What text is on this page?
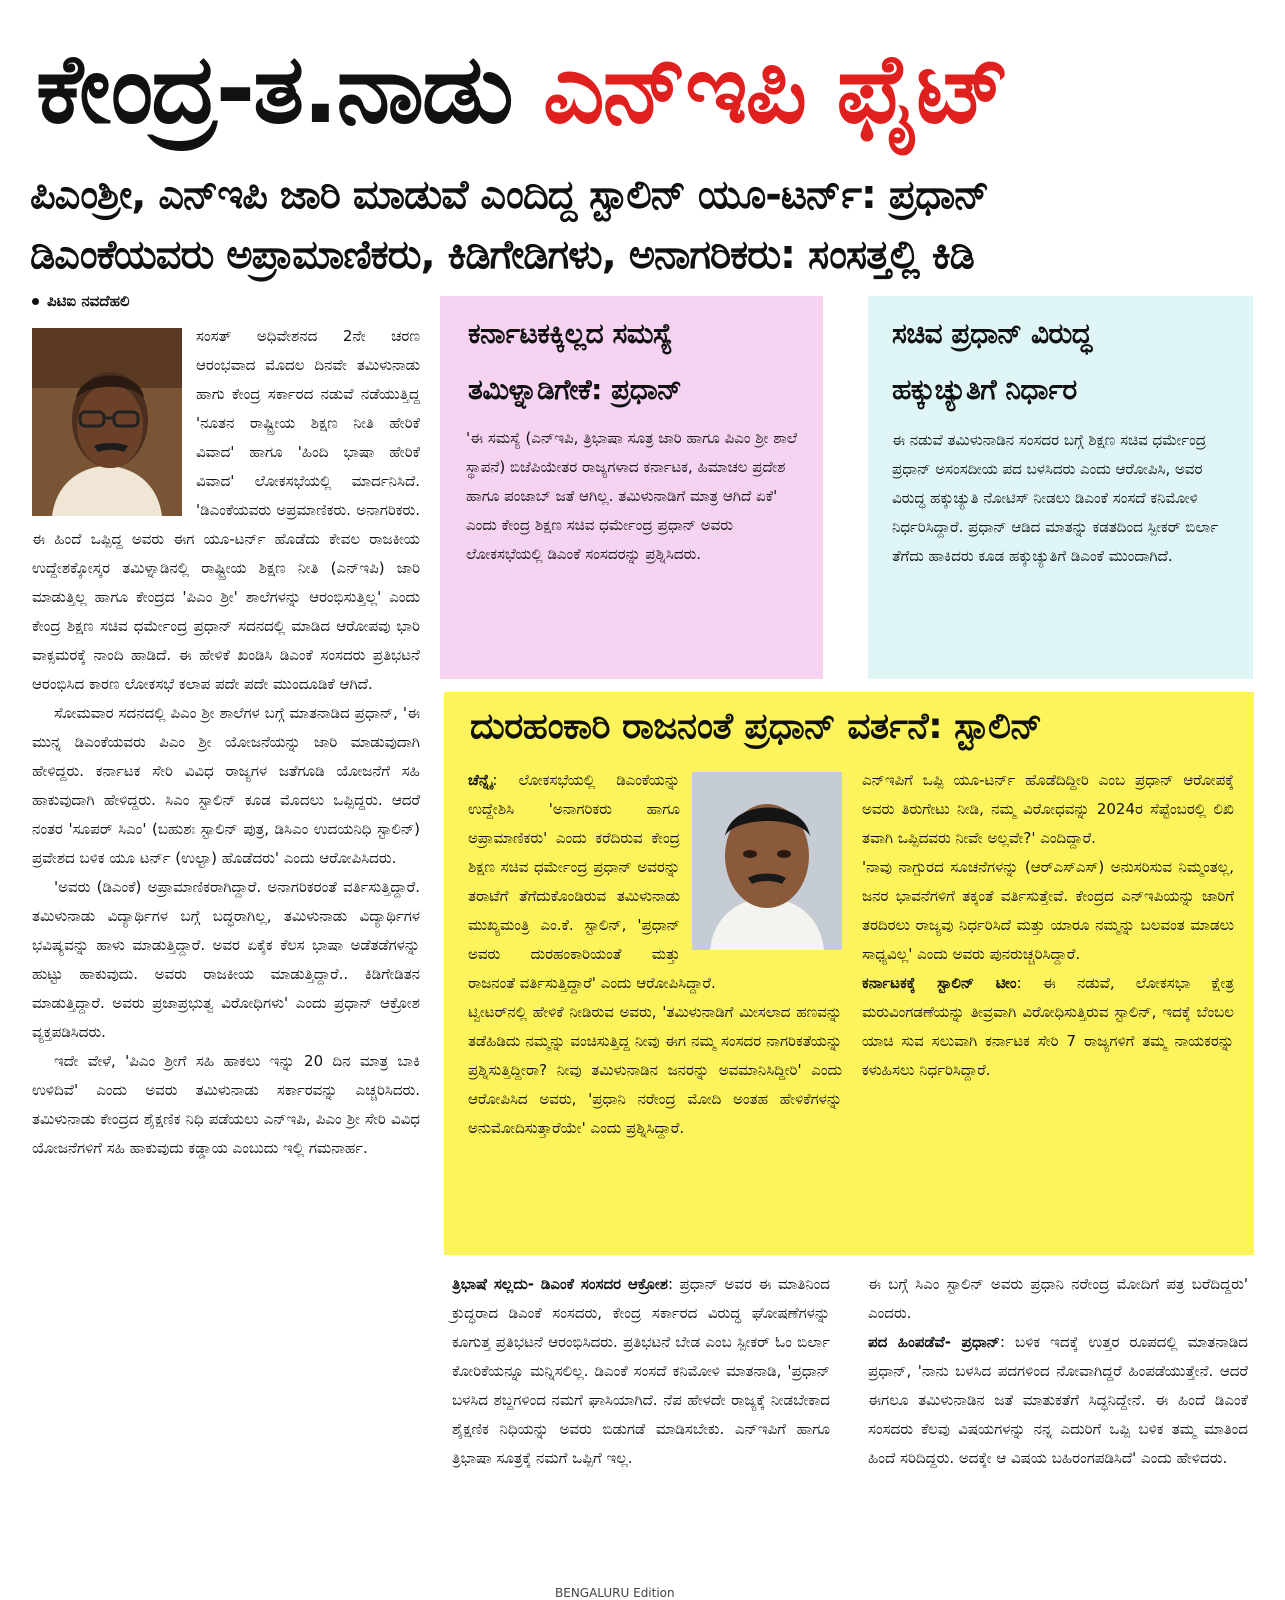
ಕೇಂದ್ರ-ತ.ನಾಡು ಎನ್‌ಇಪಿ ಫೈಟ್
ಪಿಎಂಶ್ರೀ, ಎನ್‌ಇಪಿ ಜಾರಿ ಮಾಡುವೆ ಎಂದಿದ್ದ ಸ್ಟಾಲಿನ್ ಯೂ-ಟರ್ನ್: ಪ್ರಧಾನ್
ಡಿಎಂಕೆಯವರು ಅಪ್ರಾಮಾಣಿಕರು, ಕಿಡಿಗೇಡಿಗಳು, ಅನಾಗರಿಕರು: ಸಂಸತ್ತಲ್ಲಿ ಕಿಡಿ
ಪಿಟಿಐ ನವದೆಹಲಿ

ಸಂಸತ್ ಅಧಿವೇಶನದ 2ನೇ ಚರಣ ಆರಂಭವಾದ ಮೊದಲ ದಿನವೇ ತಮಿಳುನಾಡು ಹಾಗು ಕೇಂದ್ರ ಸರ್ಕಾರದ ನಡುವೆ ನಡೆಯುತ್ತಿದ್ದ 'ನೂತನ ರಾಷ್ಟ್ರೀಯ ಶಿಕ್ಷಣ ನೀತಿ ಹೇರಿಕೆ ವಿವಾದ' ಹಾಗೂ 'ಹಿಂದಿ ಭಾಷಾ ಹೇರಿಕೆ ವಿವಾದ' ಲೋಕಸಭೆಯಲ್ಲಿ ಮಾರ್ದನಿಸಿದೆ. 'ಡಿಎಂಕೆಯವರು ಅಪ್ರಮಾಣಿಕರು. ಅನಾಗರಿಕರು. ಈ ಹಿಂದೆ ಒಪ್ಪಿದ್ದ ಅವರು ಈಗ ಯೂ-ಟರ್ನ್ ಹೊಡೆದು ಕೇವಲ ರಾಜಕೀಯ ಉದ್ದೇಶಕ್ಕೋಸ್ಕರ ತಮಿಳ್ನಾಡಿನಲ್ಲಿ ರಾಷ್ಟ್ರೀಯ ಶಿಕ್ಷಣ ನೀತಿ (ಎನ್‌ಇಪಿ) ಜಾರಿ ಮಾಡುತ್ತಿಲ್ಲ ಹಾಗೂ ಕೇಂದ್ರದ 'ಪಿಎಂ ಶ್ರೀ' ಶಾಲೆಗಳನ್ನು ಆರಂಭಿಸುತ್ತಿಲ್ಲ' ಎಂದು ಕೇಂದ್ರ ಶಿಕ್ಷಣ ಸಚಿವ ಧರ್ಮೇಂದ್ರ ಪ್ರಧಾನ್ ಸದನದಲ್ಲಿ ಮಾಡಿದ ಆರೋಪವು ಭಾರಿ ವಾಕ್ಸಮರಕ್ಕೆ ನಾಂದಿ ಹಾಡಿದೆ. ಈ ಹೇಳಿಕೆ ಖಂಡಿಸಿ ಡಿಎಂಕೆ ಸಂಸದರು ಪ್ರತಿಭಟನೆ ಆರಂಭಿಸಿದ ಕಾರಣ ಲೋಕಸಭೆ ಕಲಾಪ ಪದೇ ಪದೇ ಮುಂದೂಡಿಕೆ ಆಗಿದೆ.

ಸೋಮವಾರ ಸದನದಲ್ಲಿ ಪಿಎಂ ಶ್ರೀ ಶಾಲೆಗಳ ಬಗ್ಗೆ ಮಾತನಾಡಿದ ಪ್ರಧಾನ್, 'ಈ ಮುನ್ನ ಡಿಎಂಕೆಯವರು ಪಿಎಂ ಶ್ರೀ ಯೋಜನೆಯನ್ನು ಜಾರಿ ಮಾಡುವುದಾಗಿ ಹೇಳಿದ್ದರು. ಕರ್ನಾಟಕ ಸೇರಿ ವಿವಿಧ ರಾಜ್ಯಗಳ ಜತೆಗೂಡಿ ಯೋಜನೆಗೆ ಸಹಿ ಹಾಕುವುದಾಗಿ ಹೇಳಿದ್ದರು. ಸಿಎಂ ಸ್ಟಾಲಿನ್ ಕೂಡ ಮೊದಲು ಒಪ್ಪಿದ್ದರು. ಆದರೆ ನಂತರ 'ಸೂಪರ್ ಸಿಎಂ' (ಬಹುಶಃ ಸ್ಟಾಲಿನ್ ಪುತ್ರ, ಡಿಸಿಎಂ ಉದಯನಿಧಿ ಸ್ಟಾಲಿನ್) ಪ್ರವೇಶದ ಬಳಿಕ ಯೂ ಟರ್ನ್ (ಉಲ್ಟಾ) ಹೊಡೆದರು' ಎಂದು ಆರೋಪಿಸಿದರು.

'ಅವರು (ಡಿಎಂಕೆ) ಅಪ್ರಾಮಾಣಿಕರಾಗಿದ್ದಾರೆ. ಅನಾಗರಿಕರಂತೆ ವರ್ತಿಸುತ್ತಿದ್ದಾರೆ. ತಮಿಳುನಾಡು ವಿದ್ಯಾರ್ಥಿಗಳ ಬಗ್ಗೆ ಬದ್ಧರಾಗಿಲ್ಲ, ತಮಿಳುನಾಡು ವಿದ್ಯಾರ್ಥಿಗಳ ಭವಿಷ್ಯವನ್ನು ಹಾಳು ಮಾಡುತ್ತಿದ್ದಾರೆ. ಅವರ ಏಕೈಕ ಕೆಲಸ ಭಾಷಾ ಅಡೆತಡೆಗಳನ್ನು ಹುಟ್ಟು ಹಾಕುವುದು. ಅವರು ರಾಜಕೀಯ ಮಾಡುತ್ತಿದ್ದಾರೆ.. ಕಿಡಿಗೇಡಿತನ ಮಾಡುತ್ತಿದ್ದಾರೆ. ಅವರು ಪ್ರಜಾಪ್ರಭುತ್ವ ವಿರೋಧಿಗಳು' ಎಂದು ಪ್ರಧಾನ್ ಆಕ್ರೋಶ ವ್ಯಕ್ತಪಡಿಸಿದರು.

ಇದೇ ವೇಳೆ, 'ಪಿಎಂ ಶ್ರೀಗೆ ಸಹಿ ಹಾಕಲು ಇನ್ನು 20 ದಿನ ಮಾತ್ರ ಬಾಕಿ ಉಳಿದಿವೆ' ಎಂದು ಅವರು ತಮಿಳುನಾಡು ಸರ್ಕಾರವನ್ನು ಎಚ್ಚರಿಸಿದರು. ತಮಿಳುನಾಡು ಕೇಂದ್ರದ ಶೈಕ್ಷಣಿಕ ನಿಧಿ ಪಡೆಯಲು ಎನ್‌ಇಪಿ, ಪಿಎಂ ಶ್ರೀ ಸೇರಿ ವಿವಿಧ ಯೋಜನೆಗಳಿಗೆ ಸಹಿ ಹಾಕುವುದು ಕಡ್ಡಾಯ ಎಂಬುದು ಇಲ್ಲಿ ಗಮನಾರ್ಹ.

ಕರ್ನಾಟಕಕ್ಕಿಲ್ಲದ ಸಮಸ್ಯೆ
ತಮಿಳ್ನಾಡಿಗೇಕೆ: ಪ್ರಧಾನ್
'ಈ ಸಮಸ್ಯೆ (ಎನ್‌ಇಪಿ, ತ್ರಿಭಾಷಾ ಸೂತ್ರ ಜಾರಿ ಹಾಗೂ ಪಿಎಂ ಶ್ರೀ ಶಾಲೆ ಸ್ಥಾಪನೆ) ಬಿಜೆಪಿಯೇತರ ರಾಜ್ಯಗಳಾದ ಕರ್ನಾಟಕ, ಹಿಮಾಚಲ ಪ್ರದೇಶ ಹಾಗೂ ಪಂಜಾಬ್ ಜತೆ ಆಗಿಲ್ಲ. ತಮಿಳುನಾಡಿಗೆ ಮಾತ್ರ ಆಗಿದೆ ಏಕೆ' ಎಂದು ಕೇಂದ್ರ ಶಿಕ್ಷಣ ಸಚಿವ ಧರ್ಮೇಂದ್ರ ಪ್ರಧಾನ್ ಅವರು ಲೋಕಸಭೆಯಲ್ಲಿ ಡಿಎಂಕೆ ಸಂಸದರನ್ನು ಪ್ರಶ್ನಿಸಿದರು.
ಸಚಿವ ಪ್ರಧಾನ್ ವಿರುದ್ಧ
ಹಕ್ಕುಚ್ಯುತಿಗೆ ನಿರ್ಧಾರ
ಈ ನಡುವೆ ತಮಿಳುನಾಡಿನ ಸಂಸದರ ಬಗ್ಗೆ ಶಿಕ್ಷಣ ಸಚಿವ ಧರ್ಮೇಂದ್ರ ಪ್ರಧಾನ್ ಅಸಂಸದೀಯ ಪದ ಬಳಸಿದರು ಎಂದು ಆರೋಪಿಸಿ, ಅವರ ವಿರುದ್ಧ ಹಕ್ಕುಚ್ಯುತಿ ನೋಟಿಸ್ ನೀಡಲು ಡಿಎಂಕೆ ಸಂಸದೆ ಕನಿಮೋಳಿ ನಿರ್ಧರಿಸಿದ್ದಾರೆ. ಪ್ರಧಾನ್ ಆಡಿದ ಮಾತನ್ನು ಕಡತದಿಂದ ಸ್ಪೀಕರ್ ಬಿರ್ಲಾ ತೆಗೆದು ಹಾಕಿದರು ಕೂಡ ಹಕ್ಕುಚ್ಯುತಿಗೆ ಡಿಎಂಕೆ ಮುಂದಾಗಿದೆ.
ದುರಹಂಕಾರಿ ರಾಜನಂತೆ ಪ್ರಧಾನ್ ವರ್ತನೆ: ಸ್ಟಾಲಿನ್

ಚೆನ್ನೈ: ಲೋಕಸಭೆಯಲ್ಲಿ ಡಿಎಂಕೆಯನ್ನು ಉದ್ದೇಶಿಸಿ 'ಅನಾಗರಿಕರು ಹಾಗೂ ಅಪ್ರಾಮಾಣಿಕರು' ಎಂದು ಕರೆದಿರುವ ಕೇಂದ್ರ ಶಿಕ್ಷಣ ಸಚಿವ ಧರ್ಮೇಂದ್ರ ಪ್ರಧಾನ್ ಅವರನ್ನು ತರಾಟೆಗೆ ತೆಗೆದುಕೊಂಡಿರುವ ತಮಿಳುನಾಡು ಮುಖ್ಯಮಂತ್ರಿ ಎಂ.ಕೆ. ಸ್ಟಾಲಿನ್, 'ಪ್ರಧಾನ್ ಅವರು ದುರಹಂಕಾರಿಯಂತೆ ಮತ್ತು ರಾಜನಂತೆ ವರ್ತಿಸುತ್ತಿದ್ದಾರೆ' ಎಂದು ಆರೋಪಿಸಿದ್ದಾರೆ.

ಟ್ವೀಟರ್‌ನಲ್ಲಿ ಹೇಳಿಕೆ ನೀಡಿರುವ ಅವರು, 'ತಮಿಳುನಾಡಿಗೆ ಮೀಸಲಾದ ಹಣವನ್ನು ತಡೆಹಿಡಿದು ನಮ್ಮನ್ನು ವಂಚಿಸುತ್ತಿದ್ದ ನೀವು ಈಗ ನಮ್ಮ ಸಂಸದರ ನಾಗರಿಕತೆಯನ್ನು ಪ್ರಶ್ನಿಸುತ್ತಿದ್ದೀರಾ? ನೀವು ತಮಿಳುನಾಡಿನ ಜನರನ್ನು ಅವಮಾನಿಸಿದ್ದೀರಿ' ಎಂದು ಆರೋಪಿಸಿದ ಅವರು, 'ಪ್ರಧಾನಿ ನರೇಂದ್ರ ಮೋದಿ ಅಂತಹ ಹೇಳಿಕೆಗಳನ್ನು ಅನುಮೋದಿಸುತ್ತಾರೆಯೇ' ಎಂದು ಪ್ರಶ್ನಿಸಿದ್ದಾರೆ.

ಎನ್‌ಇಪಿಗೆ ಒಪ್ಪಿ ಯೂ-ಟರ್ನ್ ಹೊಡೆದಿದ್ದೀರಿ ಎಂಬ ಪ್ರಧಾನ್ ಆರೋಪಕ್ಕೆ ಅವರು ತಿರುಗೇಟು ನೀಡಿ, ನಮ್ಮ ವಿರೋಧವನ್ನು 2024ರ ಸೆಪ್ಟೆಂಬರಲ್ಲಿ ಲಿಖಿ ತವಾಗಿ ಒಪ್ಪಿದವರು ನೀವೇ ಅಲ್ಲವೇ?' ಎಂದಿದ್ದಾರೆ.

'ನಾವು ನಾಗ್ಪುರದ ಸೂಚನೆಗಳನ್ನು (ಆರ್‌ಎಸ್‌ಎಸ್) ಅನುಸರಿಸುವ ನಿಮ್ಮಂತಲ್ಲ, ಜನರ ಭಾವನೆಗಳಿಗೆ ತಕ್ಕಂತೆ ವರ್ತಿಸುತ್ತೇವೆ. ಕೇಂದ್ರದ ಎನ್‌ಇಪಿಯನ್ನು ಜಾರಿಗೆ ತರದಿರಲು ರಾಜ್ಯವು ನಿರ್ಧರಿಸಿದೆ ಮತ್ತು ಯಾರೂ ನಮ್ಮನ್ನು ಬಲವಂತ ಮಾಡಲು ಸಾಧ್ಯವಿಲ್ಲ' ಎಂದು ಅವರು ಪುನರುಚ್ಚರಿಸಿದ್ದಾರೆ.

ಕರ್ನಾಟಕಕ್ಕೆ ಸ್ಟಾಲಿನ್ ಟೀಂ: ಈ ನಡುವೆ, ಲೋಕಸಭಾ ಕ್ಷೇತ್ರ ಮರುವಿಂಗಡಣೆಯನ್ನು ತೀವ್ರವಾಗಿ ವಿರೋಧಿಸುತ್ತಿರುವ ಸ್ಟಾಲಿನ್, ಇದಕ್ಕೆ ಬೆಂಬಲ ಯಾಚಿ ಸುವ ಸಲುವಾಗಿ ಕರ್ನಾಟಕ ಸೇರಿ 7 ರಾಜ್ಯಗಳಿಗೆ ತಮ್ಮ ನಾಯಕರನ್ನು ಕಳುಹಿಸಲು ನಿರ್ಧರಿಸಿದ್ದಾರೆ.

ತ್ರಿಭಾಷೆ ಸಲ್ಲದು- ಡಿಎಂಕೆ ಸಂಸದರ ಆಕ್ರೋಶ: ಪ್ರಧಾನ್ ಅವರ ಈ ಮಾತಿನಿಂದ ಕ್ರುದ್ಧರಾದ ಡಿಎಂಕೆ ಸಂಸದರು, ಕೇಂದ್ರ ಸರ್ಕಾರದ ವಿರುದ್ಧ ಘೋಷಣೆಗಳನ್ನು ಕೂಗುತ್ತ ಪ್ರತಿಭಟನೆ ಆರಂಭಿಸಿದರು. ಪ್ರತಿಭಟನೆ ಬೇಡ ಎಂಬ ಸ್ಪೀಕರ್ ಓಂ ಬಿರ್ಲಾ ಕೋರಿಕೆಯನ್ನೂ ಮನ್ನಿಸಲಿಲ್ಲ. ಡಿಎಂಕೆ ಸಂಸದೆ ಕನಿಮೋಳಿ ಮಾತನಾಡಿ, 'ಪ್ರಧಾನ್ ಬಳಸಿದ ಶಬ್ದಗಳಿಂದ ನಮಗೆ ಘಾಸಿಯಾಗಿದೆ. ನೆಪ ಹೇಳದೇ ರಾಜ್ಯಕ್ಕೆ ನೀಡಬೇಕಾದ ಶೈಕ್ಷಣಿಕ ನಿಧಿಯನ್ನು ಅವರು ಬಿಡುಗಡೆ ಮಾಡಿಸಬೇಕು. ಎನ್‌ಇಪಿಗೆ ಹಾಗೂ ತ್ರಿಭಾಷಾ ಸೂತ್ರಕ್ಕೆ ನಮಗೆ ಒಪ್ಪಿಗೆ ಇಲ್ಲ.

ಈ ಬಗ್ಗೆ ಸಿಎಂ ಸ್ಟಾಲಿನ್ ಅವರು ಪ್ರಧಾನಿ ನರೇಂದ್ರ ಮೋದಿಗೆ ಪತ್ರ ಬರೆದಿದ್ದರು' ಎಂದರು.

ಪದ ಹಿಂಪಡೆವೆ- ಪ್ರಧಾನ್: ಬಳಿಕ ಇದಕ್ಕೆ ಉತ್ತರ ರೂಪದಲ್ಲಿ ಮಾತನಾಡಿದ ಪ್ರಧಾನ್, 'ನಾನು ಬಳಸಿದ ಪದಗಳಿಂದ ನೋವಾಗಿದ್ದರೆ ಹಿಂಪಡೆಯುತ್ತೇನೆ. ಆದರೆ ಈಗಲೂ ತಮಿಳುನಾಡಿನ ಜತೆ ಮಾತುಕತೆಗೆ ಸಿದ್ಧನಿದ್ದೇನೆ. ಈ ಹಿಂದೆ ಡಿಎಂಕೆ ಸಂಸದರು ಕೆಲವು ವಿಷಯಗಳನ್ನು ನನ್ನ ಎದುರಿಗೆ ಒಪ್ಪಿ ಬಳಿಕ ತಮ್ಮ ಮಾತಿಂದ ಹಿಂದೆ ಸರಿದಿದ್ದರು. ಅದಕ್ಕೇ ಆ ವಿಷಯ ಬಹಿರಂಗಪಡಿಸಿದೆ' ಎಂದು ಹೇಳಿದರು.

BENGALURU Edition
